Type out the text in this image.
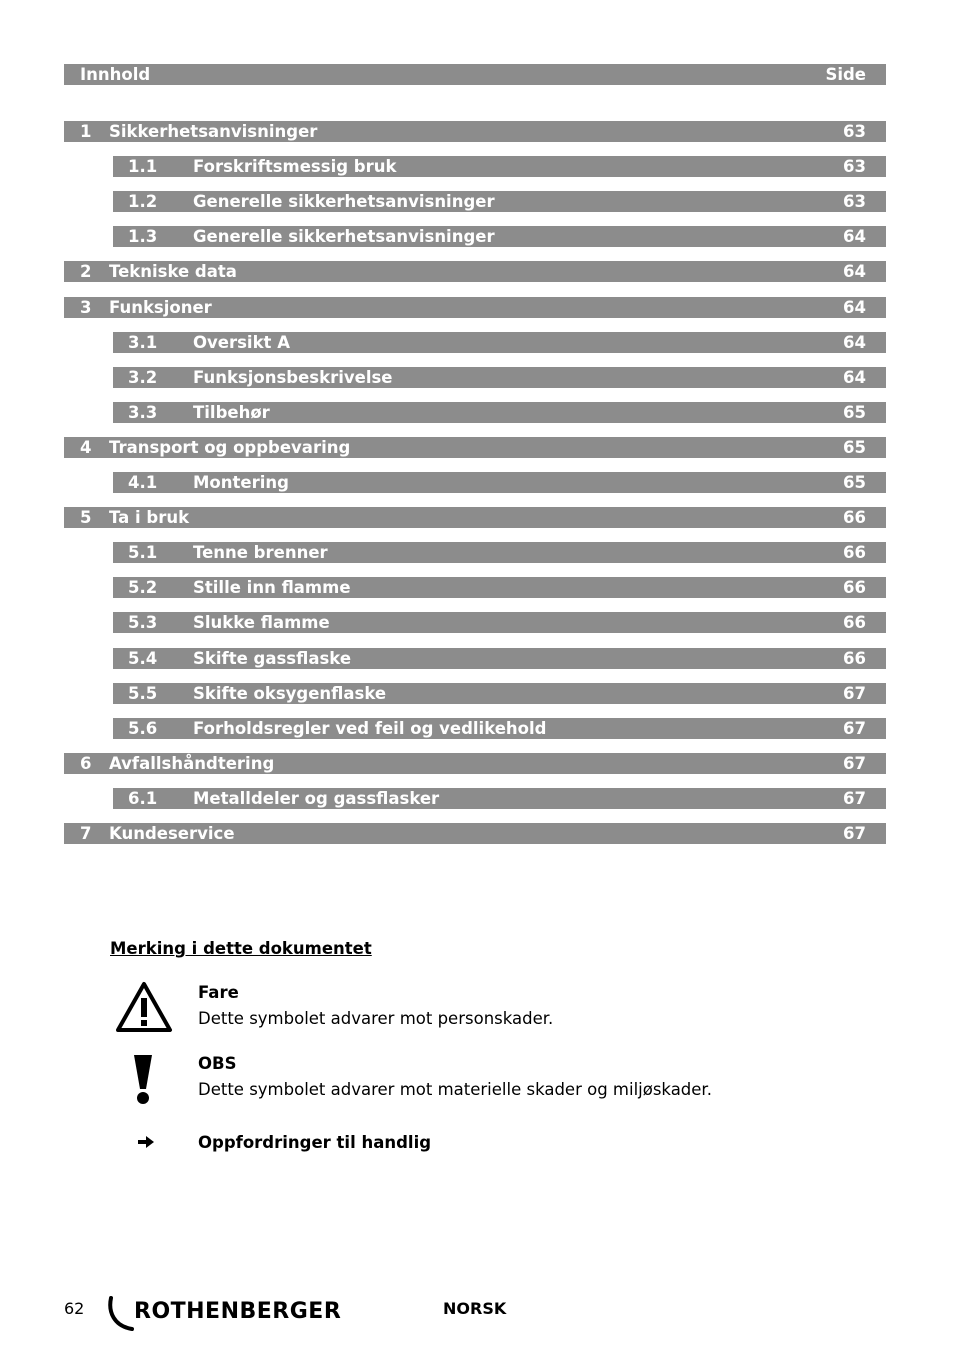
Innhold	Side
1 Sikkerhetsanvisninger	63
1.1 Forskriftsmessig bruk	63
1.2 Generelle sikkerhetsanvisninger	63
1.3 Generelle sikkerhetsanvisninger	64
2 Tekniske data	64
3 Funksjoner	64
3.1 Oversikt A	64
3.2 Funksjonsbeskrivelse	64
3.3 Tilbehør	65
4 Transport og oppbevaring	65
4.1 Montering	65
5 Ta i bruk	66
5.1 Tenne brenner	66
5.2 Stille inn flamme	66
5.3 Slukke flamme	66
5.4 Skifte gassflaske	66
5.5 Skifte oksygenflaske	67
5.6 Forholdsregler ved feil og vedlikehold	67
6 Avfallshåndtering	67
6.1 Metalldeler og gassflasker	67
7 Kundeservice	67
Merking i dette dokumentet
Fare
Dette symbolet advarer mot personskader.
OBS
Dette symbolet advarer mot materielle skader og miljøskader.
Oppfordringer til handlig
62 ROTHENBERGER	NORSK
